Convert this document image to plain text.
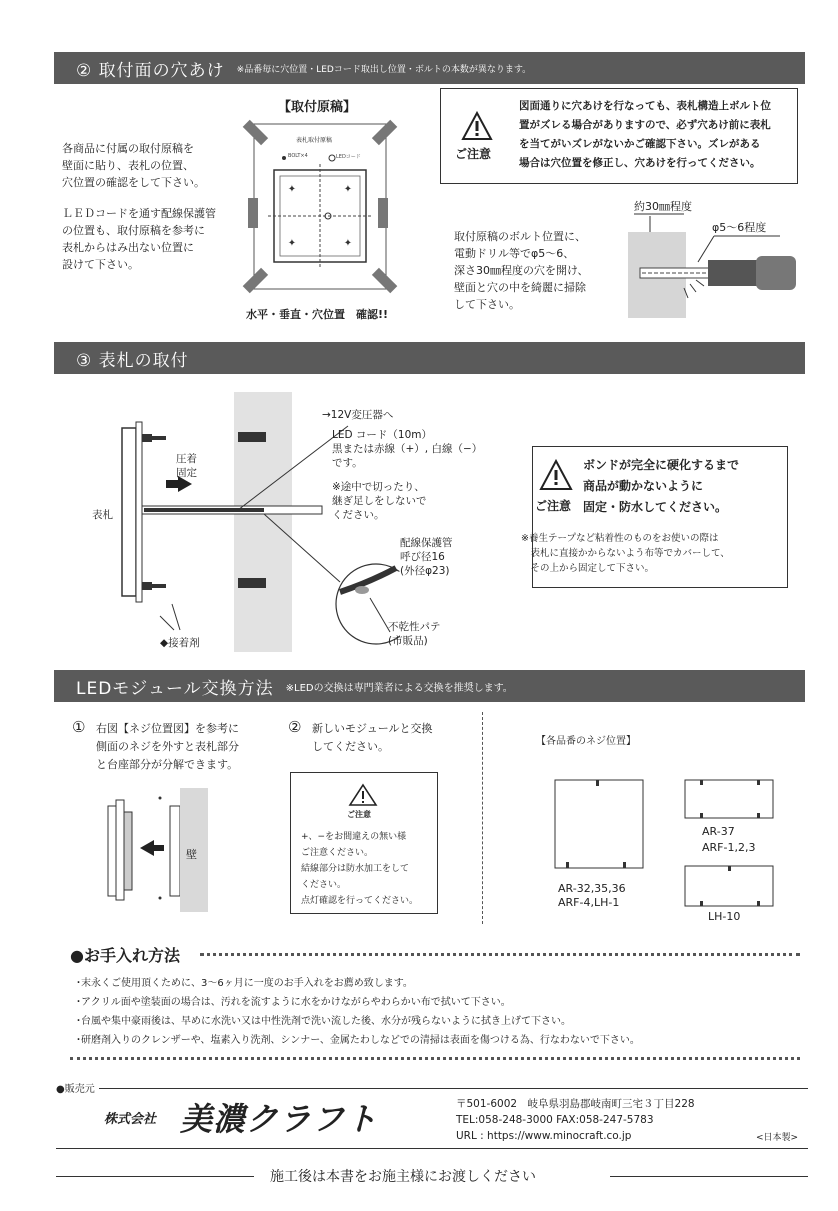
② 取付面の穴あけ ※品番毎に穴位置・LEDコード取出し位置・ボルトの本数が異なります。
各商品に付属の取付原稿を
壁面に貼り、表札の位置、
穴位置の確認をして下さい。
ＬＥＤコードを通す配線保護管
の位置も、取付原稿を参考に
表札からはみ出ない位置に
設けて下さい。
【取付原稿】
✦	✦
✦	✦
表札取付原稿
BOLT×4	LEDコード
水平・垂直・穴位置　確認!!
ご注意
図面通りに穴あけを行なっても、表札構造上ボルト位
置がズレる場合がありますので、必ず穴あけ前に表札
を当てがいズレがないかご確認下さい。ズレがある
場合は穴位置を修正し、穴あけを行ってください。
約30㎜程度
φ5～6程度
取付原稿のボルト位置に、
電動ドリル等でφ5～6、
深さ30㎜程度の穴を開け、
壁面と穴の中を綺麗に掃除
して下さい。
③ 表札の取付
→12V変圧器へ
LED コード（10m）
黒または赤線（+）, 白線（−）
です。
※途中で切ったり、
継ぎ足しをしないで
ください。
圧着
固定
表札
◆接着剤
配線保護管
呼び径16
(外径φ23)
不乾性パテ
(市販品)
ご注意
ボンドが完全に硬化するまで
商品が動かないように
固定・防水してください。
※養生テープなど粘着性のものをお使いの際は
　表札に直接かからないよう布等でカバーして、
　その上から固定して下さい。
LEDモジュール交換方法 ※LEDの交換は専門業者による交換を推奨します。
① 右図【ネジ位置図】を参考に
側面のネジを外すと表札部分
と台座部分が分解できます。
壁
② 新しいモジュールと交換
してください。
ご注意
+、−をお間違えの無い様
ご注意ください。
結線部分は防水加工をして
ください。
点灯確認を行ってください。
【各品番のネジ位置】
AR-32,35,36
ARF-4,LH-1
AR-37
ARF-1,2,3
LH-10
●お手入れ方法
･末永くご使用頂くために、3～6ヶ月に一度のお手入れをお薦め致します。
･アクリル面や塗装面の場合は、汚れを流すように水をかけながらやわらかい布で拭いて下さい。
･台風や集中豪雨後は、早めに水洗い又は中性洗剤で洗い流した後、水分が残らないように拭き上げて下さい。
･研磨剤入りのクレンザーや、塩素入り洗剤、シンナー、金属たわしなどでの清掃は表面を傷つける為、行なわないで下さい。
●販売元
株式会社 美濃クラフト	〒501-6002　岐阜県羽島郡岐南町三宅３丁目228
TEL:058-248-3000 FAX:058-247-5783
URL : https://www.minocraft.co.jp	<日本製>
施工後は本書をお施主様にお渡しください
